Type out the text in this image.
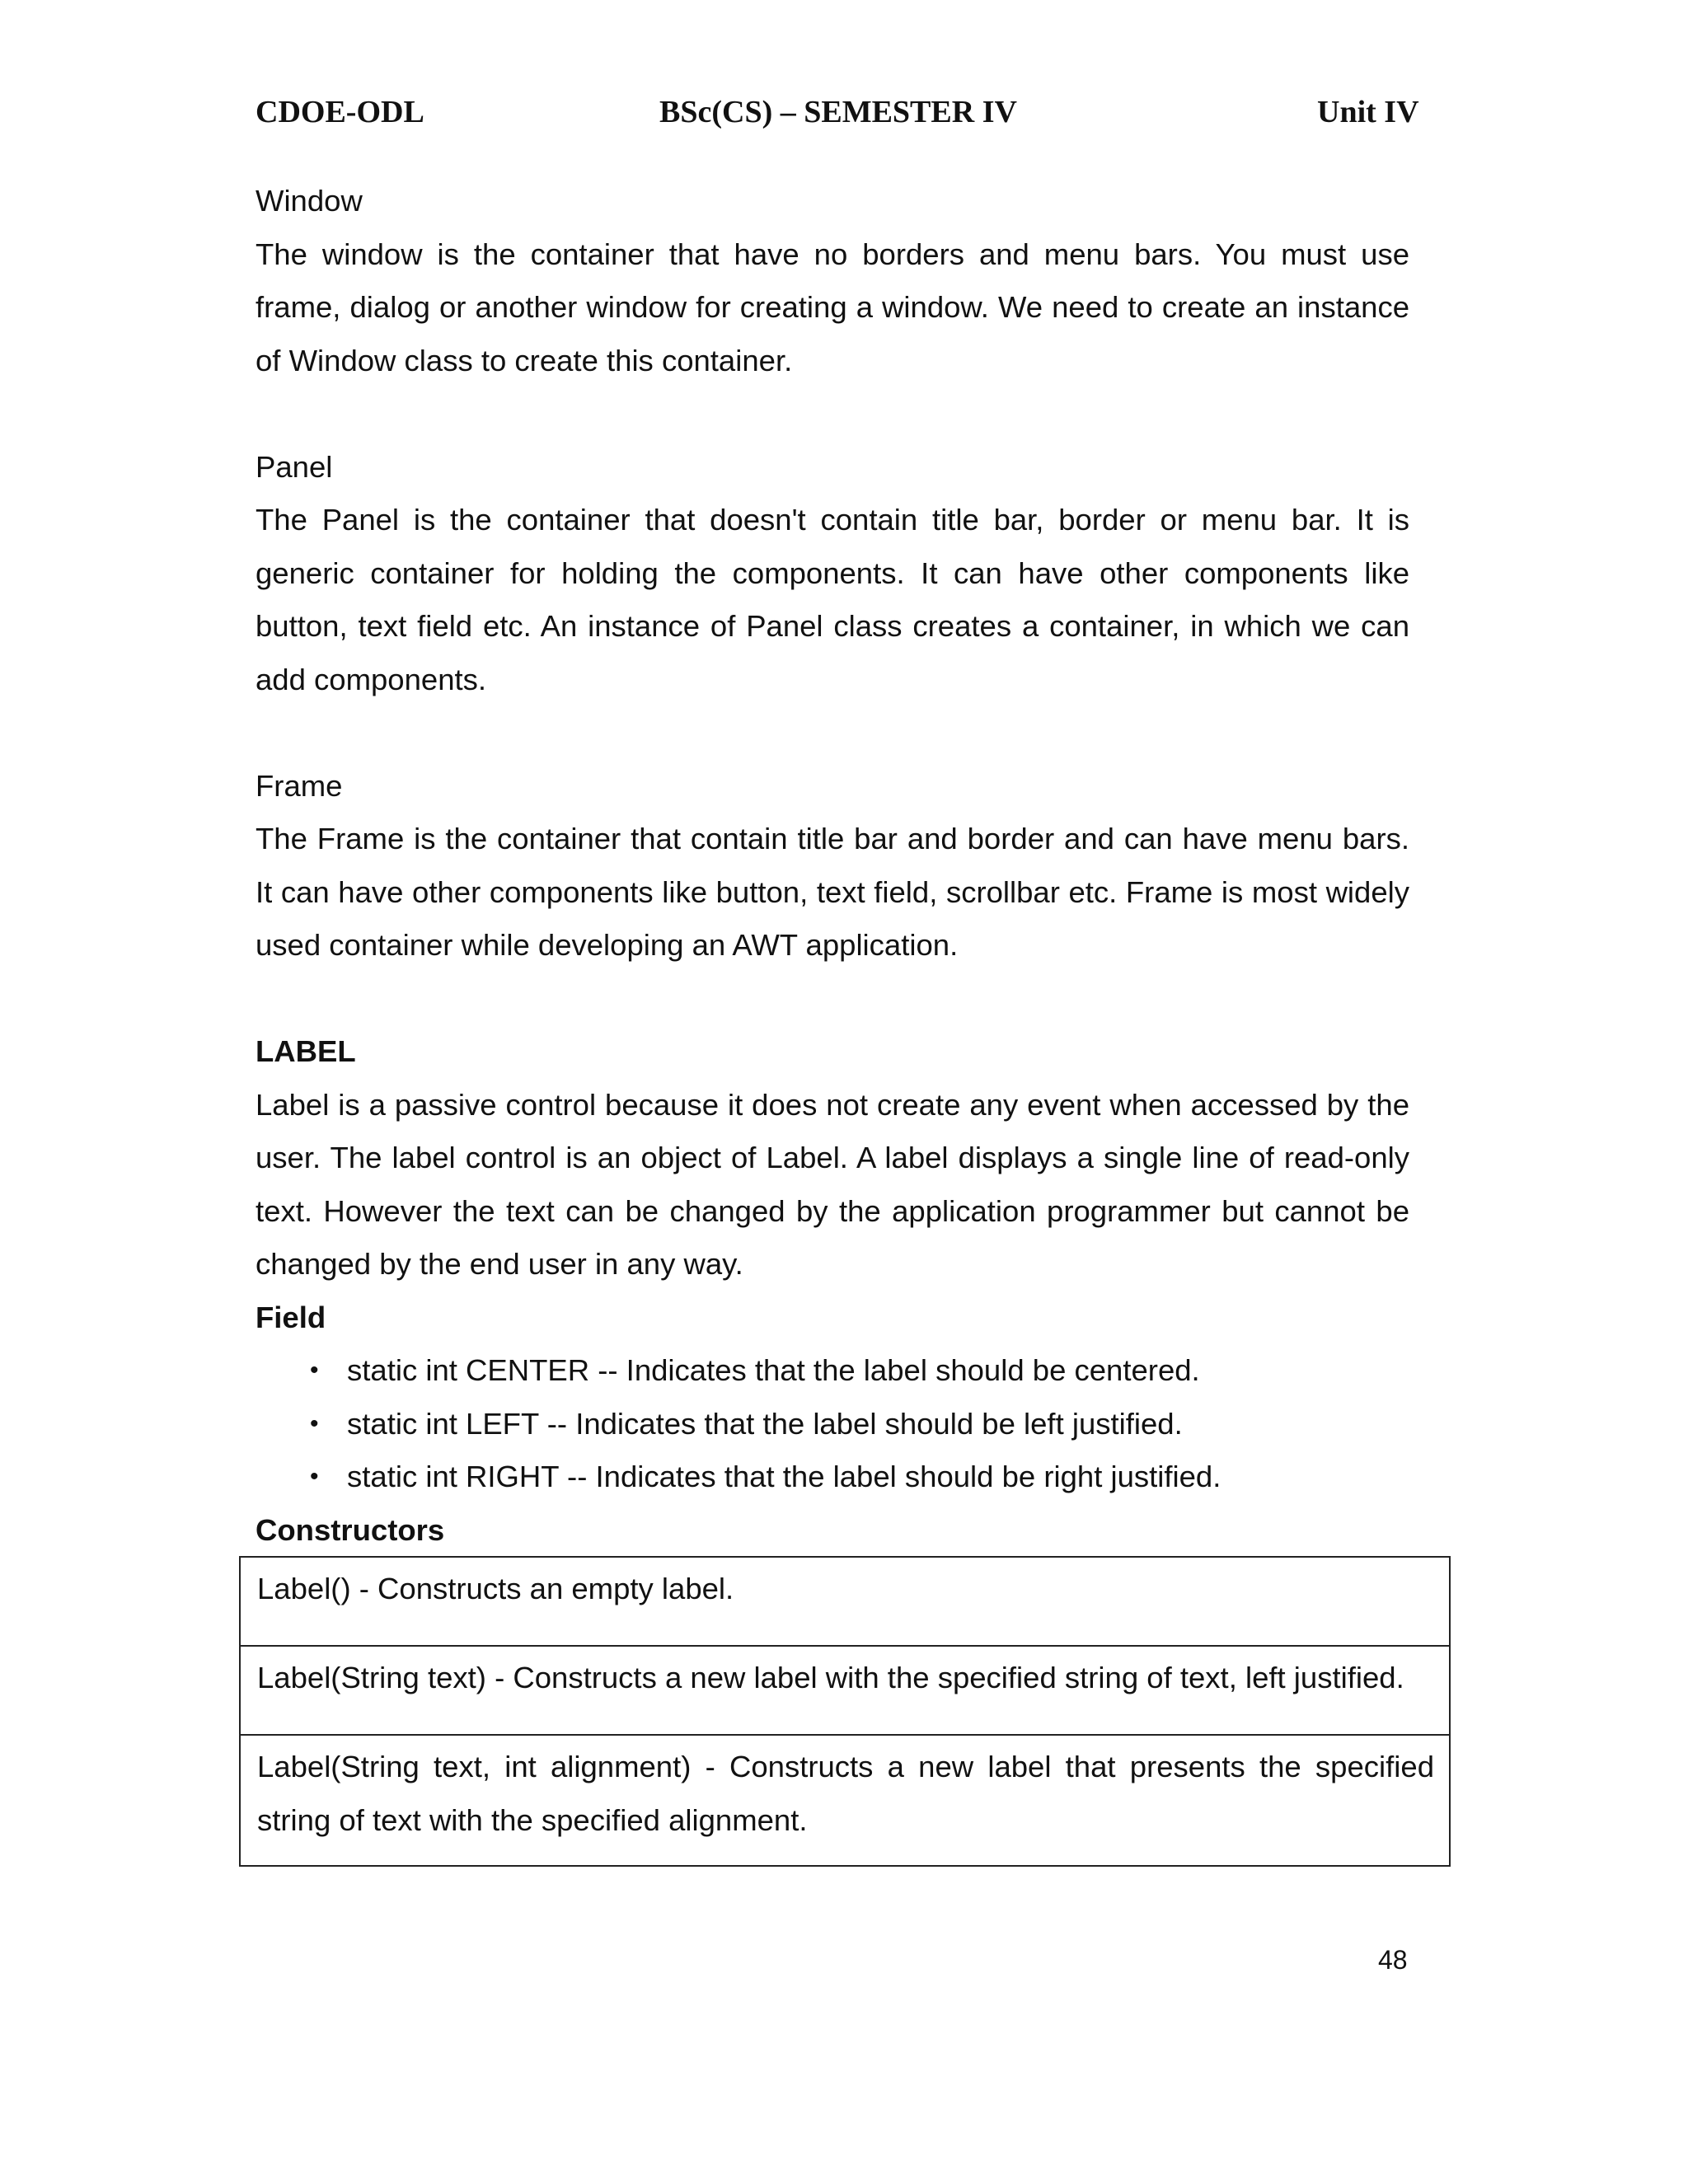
CDOE-ODL	BSc(CS) – SEMESTER IV	Unit IV
Window

The window is the container that have no borders and menu bars. You must use frame, dialog or another window for creating a window. We need to create an instance of Window class to create this container.

Panel

The Panel is the container that doesn't contain title bar, border or menu bar. It is generic container for holding the components. It can have other components like button, text field etc. An instance of Panel class creates a container, in which we can add components.

Frame

The Frame is the container that contain title bar and border and can have menu bars. It can have other components like button, text field, scrollbar etc. Frame is most widely used container while developing an AWT application.

LABEL

Label is a passive control because it does not create any event when accessed by the user. The label control is an object of Label. A label displays a single line of read-only text. However the text can be changed by the application programmer but cannot be changed by the end user in any way.

Field
• static int CENTER -- Indicates that the label should be centered.
• static int LEFT -- Indicates that the label should be left justified.
• static int RIGHT -- Indicates that the label should be right justified.
Constructors
Label() - Constructs an empty label.
Label(String text) - Constructs a new label with the specified string of text, left justified.
Label(String text, int alignment) - Constructs a new label that presents the specified string of text with the specified alignment.
48
